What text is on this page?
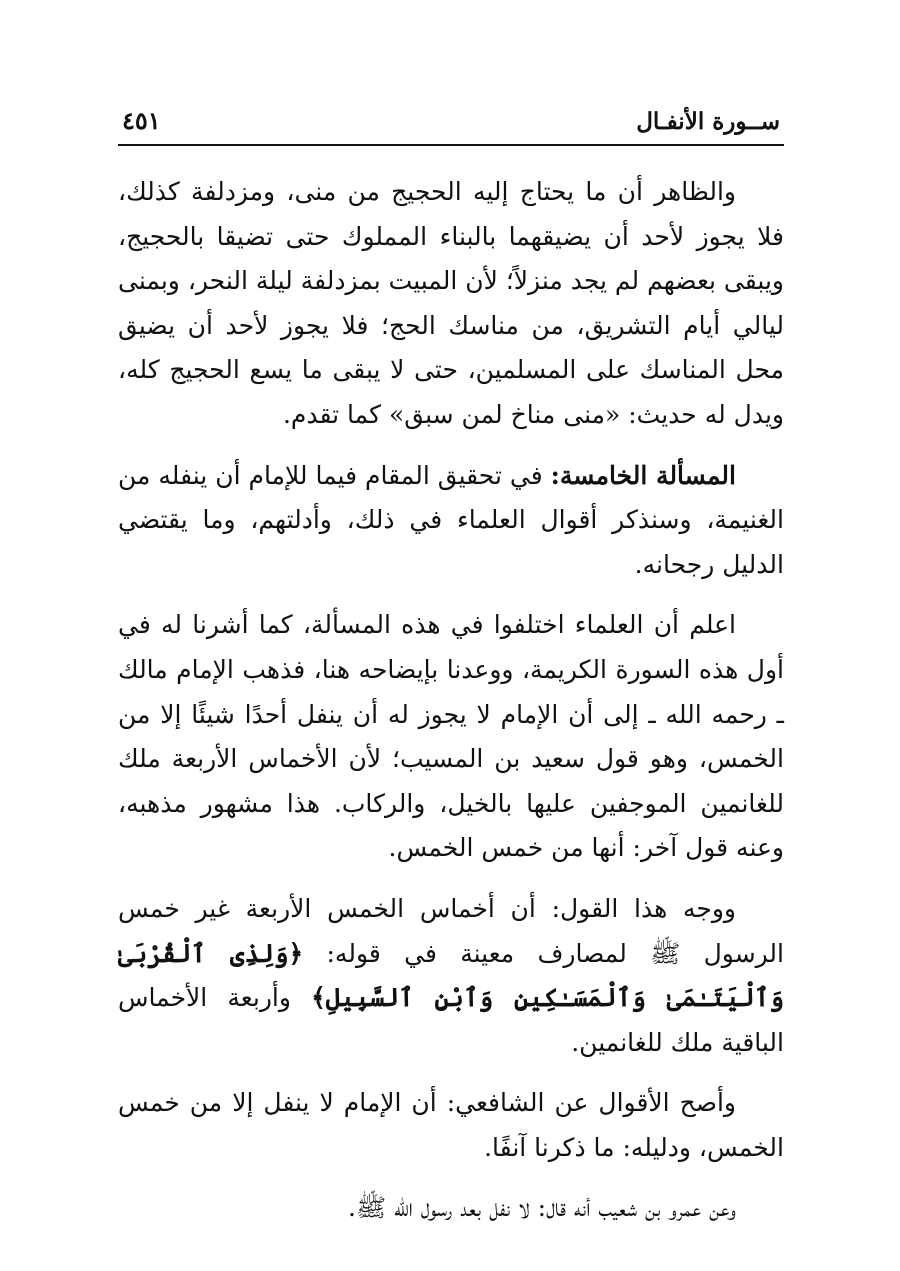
ســورة الأنفـال
٤٥١

والظاهر أن ما يحتاج إليه الحجيج من منى، ومزدلفة كذلك، فلا يجوز لأحد أن يضيقهما بالبناء المملوك حتى تضيقا بالحجيج، ويبقى بعضهم لم يجد منزلاً؛ لأن المبيت بمزدلفة ليلة النحر، وبمنى ليالي أيام التشريق، من مناسك الحج؛ فلا يجوز لأحد أن يضيق محل المناسك على المسلمين، حتى لا يبقى ما يسع الحجيج كله، ويدل له حديث: «منى مناخ لمن سبق» كما تقدم.

المسألة الخامسة: في تحقيق المقام فيما للإمام أن ينفله من الغنيمة، وسنذكر أقوال العلماء في ذلك، وأدلتهم، وما يقتضي الدليل رجحانه.

اعلم أن العلماء اختلفوا في هذه المسألة، كما أشرنا له في أول هذه السورة الكريمة، ووعدنا بإيضاحه هنا، فذهب الإمام مالك ـ رحمه الله ـ إلى أن الإمام لا يجوز له أن ينفل أحدًا شيئًا إلا من الخمس، وهو قول سعيد بن المسيب؛ لأن الأخماس الأربعة ملك للغانمين الموجفين عليها بالخيل، والركاب. هذا مشهور مذهبه، وعنه قول آخر: أنها من خمس الخمس.

ووجه هذا القول: أن أخماس الخمس الأربعة غير خمس الرسول ﷺ لمصارف معينة في قوله: ﴿وَلِذِى ٱلْقُرْبَىٰ وَٱلْيَتَـٰمَىٰ وَٱلْمَسَـٰكِينِ وَٱبْنِ ٱلسَّبِيلِ﴾ وأربعة الأخماس الباقية ملك للغانمين.

وأصح الأقوال عن الشافعي: أن الإمام لا ينفل إلا من خمس الخمس، ودليله: ما ذكرنا آنفًا.

وعن عمرو بن شعيب أنه قال: لا نفل بعد رسول الله ﷺ.
